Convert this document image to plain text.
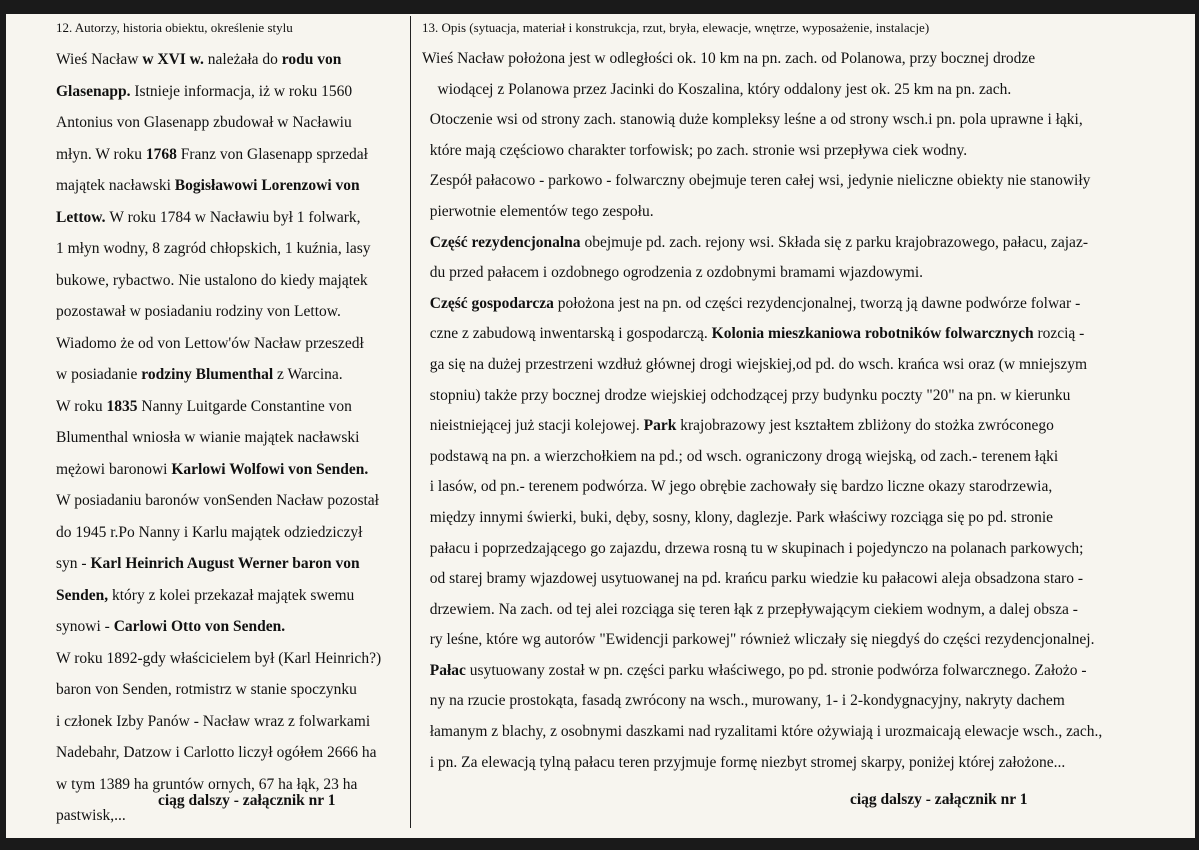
12. Autorzy, historia obiektu, określenie stylu
Wieś Nacław w XVI w. należała do rodu von
Glasenapp. Istnieje informacja, iż w roku 1560
Antonius von Glasenapp zbudował w Nacławiu
młyn. W roku 1768 Franz von Glasenapp sprzedał
majątek nacławski Bogisławowi Lorenzowi von
Lettow. W roku 1784 w Nacławiu był 1 folwark,
1 młyn wodny, 8 zagród chłopskich, 1 kuźnia, lasy
bukowe, rybactwo. Nie ustalono do kiedy majątek
pozostawał w posiadaniu rodziny von Lettow.
Wiadomo że od von Lettow'ów Nacław przeszedł
w posiadanie rodziny Blumenthal z Warcina.
W roku 1835 Nanny Luitgarde Constantine von
Blumenthal wniosła w wianie majątek nacławski
mężowi baronowi Karlowi Wolfowi von Senden.
W posiadaniu baronów vonSenden Nacław pozostał
do 1945 r.Po Nanny i Karlu majątek odziedziczył
syn - Karl Heinrich August Werner baron von
Senden, który z kolei przekazał majątek swemu
synowi - Carlowi Otto von Senden.
W roku 1892-gdy właścicielem był (Karl Heinrich?)
baron von Senden, rotmistrz w stanie spoczynku
i członek Izby Panów - Nacław wraz z folwarkami
Nadebahr, Datzow i Carlotto liczył ogółem 2666 ha
w tym 1389 ha gruntów ornych, 67 ha łąk, 23 ha
pastwisk,...
ciąg dalszy - załącznik nr 1
13. Opis (sytuacja, materiał i konstrukcja, rzut, bryła, elewacje, wnętrze, wyposażenie, instalacje)
Wieś Nacław położona jest w odległości ok. 10 km na pn. zach. od Polanowa, przy bocznej drodze
wiodącej z Polanowa przez Jacinki do Koszalina, który oddalony jest ok. 25 km na pn. zach.
Otoczenie wsi od strony zach. stanowią duże kompleksy leśne a od strony wsch.i pn. pola uprawne i łąki,
które mają częściowo charakter torfowisk; po zach. stronie wsi przepływa ciek wodny.
Zespół pałacowo - parkowo - folwarczny obejmuje teren całej wsi, jedynie nieliczne obiekty nie stanowiły
pierwotnie elementów tego zespołu.
Część rezydencjonalna obejmuje pd. zach. rejony wsi. Składa się z parku krajobrazowego, pałacu, zajaz-
du przed pałacem i ozdobnego ogrodzenia z ozdobnymi bramami wjazdowymi.
Część gospodarcza położona jest na pn. od części rezydencjonalnej, tworzą ją dawne podwórze folwar -
czne z zabudową inwentarską i gospodarczą. Kolonia mieszkaniowa robotników folwarcznych rozcią -
ga się na dużej przestrzeni wzdłuż głównej drogi wiejskiej,od pd. do wsch. krańca wsi oraz (w mniejszym
stopniu) także przy bocznej drodze wiejskiej odchodzącej przy budynku poczty "20" na pn. w kierunku
nieistniejącej już stacji kolejowej. Park krajobrazowy jest kształtem zbliżony do stożka zwróconego
podstawą na pn. a wierzchołkiem na pd.; od wsch. ograniczony drogą wiejską, od zach.- terenem łąki
i lasów, od pn.- terenem podwórza. W jego obrębie zachowały się bardzo liczne okazy starodrzewia,
między innymi świerki, buki, dęby, sosny, klony, daglezje. Park właściwy rozciąga się po pd. stronie
pałacu i poprzedzającego go zajazdu, drzewa rosną tu w skupinach i pojedynczo na polanach parkowych;
od starej bramy wjazdowej usytuowanej na pd. krańcu parku wiedzie ku pałacowi aleja obsadzona staro -
drzewiem. Na zach. od tej alei rozciąga się teren łąk z przepływającym ciekiem wodnym, a dalej obsza -
ry leśne, które wg autorów "Ewidencji parkowej" również wliczały się niegdyś do części rezydencjonalnej.
Pałac usytuowany został w pn. części parku właściwego, po pd. stronie podwórza folwarcznego. Założo -
ny na rzucie prostokąta, fasadą zwrócony na wsch., murowany, 1- i 2-kondygnacyjny, nakryty dachem
łamanym z blachy, z osobnymi daszkami nad ryzalitami które ożywiają i urozmaicają elewacje wsch., zach.,
i pn. Za elewacją tylną pałacu teren przyjmuje formę niezbyt stromej skarpy, poniżej której założone...
ciąg dalszy - załącznik nr 1
